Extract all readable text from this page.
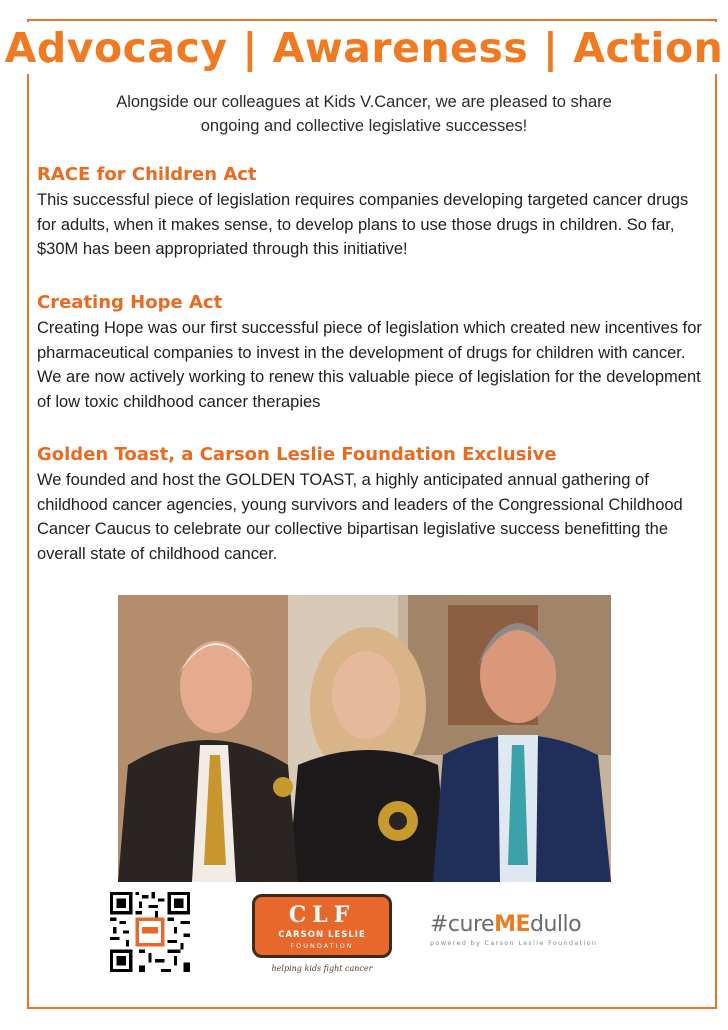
Advocacy | Awareness | Action
Alongside our colleagues at Kids V.Cancer, we are pleased to share
ongoing and collective legislative successes!
RACE for Children Act

This successful piece of legislation requires companies developing targeted cancer drugs for adults, when it makes sense, to develop plans to use those drugs in children. So far, $30M has been appropriated through this initiative!

Creating Hope Act

Creating Hope was our first successful piece of legislation which created new incentives for pharmaceutical companies to invest in the development of drugs for children with cancer. We are now actively working to renew this valuable piece of legislation for the development of low toxic childhood cancer therapies

Golden Toast, a Carson Leslie Foundation Exclusive

We founded and host the GOLDEN TOAST, a highly anticipated annual gathering of childhood cancer agencies, young survivors and leaders of the Congressional Childhood Cancer Caucus to celebrate our collective bipartisan legislative success benefitting the overall state of childhood cancer.

CLF
CARSON LESLIE
FOUNDATION
helping kids fight cancer
#cureMEdullo
powered by Carson Leslie Foundation
